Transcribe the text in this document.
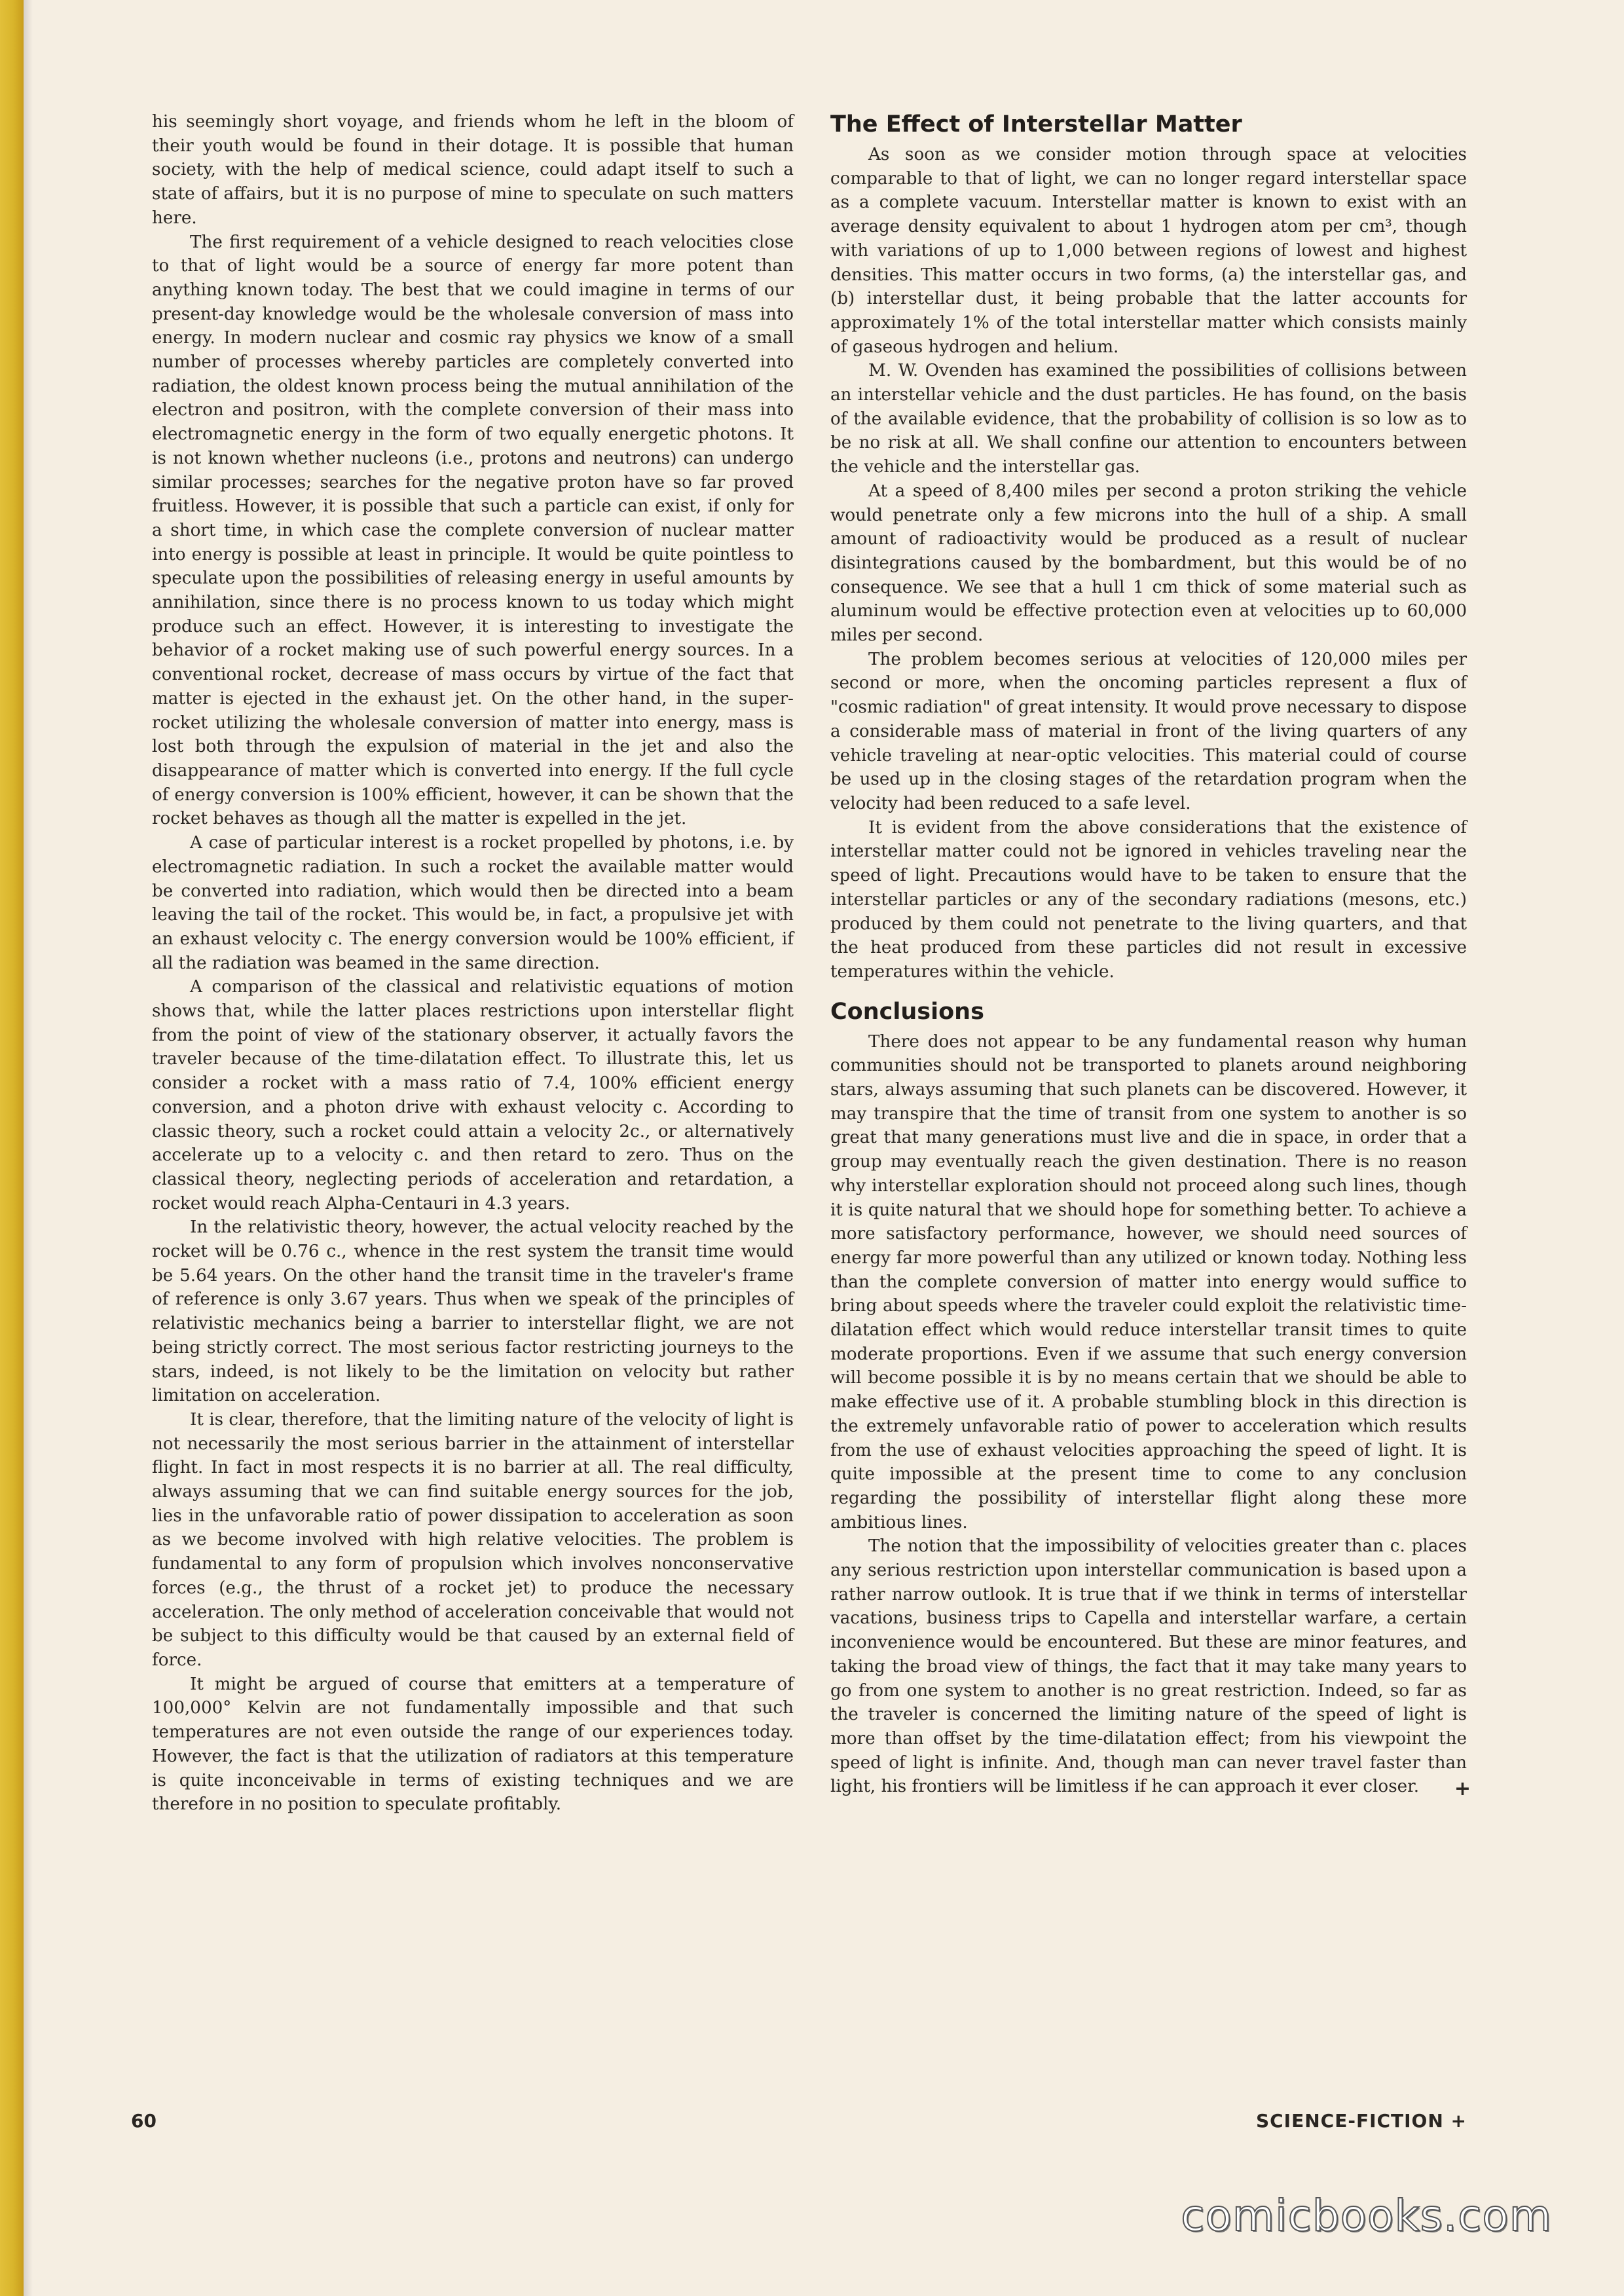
his seemingly short voyage, and friends whom he left in the bloom of their youth would be found in their dotage. It is possible that human society, with the help of medical science, could adapt itself to such a state of affairs, but it is no purpose of mine to speculate on such matters here.

The first requirement of a vehicle designed to reach velocities close to that of light would be a source of energy far more potent than anything known today. The best that we could imagine in terms of our present-day knowledge would be the wholesale conversion of mass into energy. In modern nuclear and cosmic ray physics we know of a small number of processes whereby particles are completely converted into radiation, the oldest known process being the mutual annihilation of the electron and positron, with the complete conversion of their mass into electromagnetic energy in the form of two equally energetic photons. It is not known whether nucleons (i.e., protons and neutrons) can undergo similar processes; searches for the negative proton have so far proved fruitless. However, it is possible that such a particle can exist, if only for a short time, in which case the complete conversion of nuclear matter into energy is possible at least in principle. It would be quite pointless to speculate upon the possibilities of releasing energy in useful amounts by annihilation, since there is no process known to us today which might produce such an effect. However, it is interesting to investigate the behavior of a rocket making use of such powerful energy sources. In a conventional rocket, decrease of mass occurs by virtue of the fact that matter is ejected in the exhaust jet. On the other hand, in the super-rocket utilizing the wholesale conversion of matter into energy, mass is lost both through the expulsion of material in the jet and also the disappearance of matter which is converted into energy. If the full cycle of energy conversion is 100% efficient, however, it can be shown that the rocket behaves as though all the matter is expelled in the jet.

A case of particular interest is a rocket propelled by photons, i.e. by electromagnetic radiation. In such a rocket the available matter would be converted into radiation, which would then be directed into a beam leaving the tail of the rocket. This would be, in fact, a propulsive jet with an exhaust velocity c. The energy conversion would be 100% efficient, if all the radiation was beamed in the same direction.

A comparison of the classical and relativistic equations of motion shows that, while the latter places restrictions upon interstellar flight from the point of view of the stationary observer, it actually favors the traveler because of the time-dilatation effect. To illustrate this, let us consider a rocket with a mass ratio of 7.4, 100% efficient energy conversion, and a photon drive with exhaust velocity c. According to classic theory, such a rocket could attain a velocity 2c., or alternatively accelerate up to a velocity c. and then retard to zero. Thus on the classical theory, neglecting periods of acceleration and retardation, a rocket would reach Alpha-Centauri in 4.3 years.

In the relativistic theory, however, the actual velocity reached by the rocket will be 0.76 c., whence in the rest system the transit time would be 5.64 years. On the other hand the transit time in the traveler's frame of reference is only 3.67 years. Thus when we speak of the principles of relativistic mechanics being a barrier to interstellar flight, we are not being strictly correct. The most serious factor restricting journeys to the stars, indeed, is not likely to be the limitation on velocity but rather limitation on acceleration.

It is clear, therefore, that the limiting nature of the velocity of light is not necessarily the most serious barrier in the attainment of interstellar flight. In fact in most respects it is no barrier at all. The real difficulty, always assuming that we can find suitable energy sources for the job, lies in the unfavorable ratio of power dissipation to acceleration as soon as we become involved with high relative velocities. The problem is fundamental to any form of propulsion which involves nonconservative forces (e.g., the thrust of a rocket jet) to produce the necessary acceleration. The only method of acceleration conceivable that would not be subject to this difficulty would be that caused by an external field of force.

It might be argued of course that emitters at a temperature of 100,000° Kelvin are not fundamentally impossible and that such temperatures are not even outside the range of our experiences today. However, the fact is that the utilization of radiators at this temperature is quite inconceivable in terms of existing techniques and we are therefore in no position to speculate profitably.

The Effect of Interstellar Matter

As soon as we consider motion through space at velocities comparable to that of light, we can no longer regard interstellar space as a complete vacuum. Interstellar matter is known to exist with an average density equivalent to about 1 hydrogen atom per cm³, though with variations of up to 1,000 between regions of lowest and highest densities. This matter occurs in two forms, (a) the interstellar gas, and (b) interstellar dust, it being probable that the latter accounts for approximately 1% of the total interstellar matter which consists mainly of gaseous hydrogen and helium.

M. W. Ovenden has examined the possibilities of collisions between an interstellar vehicle and the dust particles. He has found, on the basis of the available evidence, that the probability of collision is so low as to be no risk at all. We shall confine our attention to encounters between the vehicle and the interstellar gas.

At a speed of 8,400 miles per second a proton striking the vehicle would penetrate only a few microns into the hull of a ship. A small amount of radioactivity would be produced as a result of nuclear disintegrations caused by the bombardment, but this would be of no consequence. We see that a hull 1 cm thick of some material such as aluminum would be effective protection even at velocities up to 60,000 miles per second.

The problem becomes serious at velocities of 120,000 miles per second or more, when the oncoming particles represent a flux of "cosmic radiation" of great intensity. It would prove necessary to dispose a considerable mass of material in front of the living quarters of any vehicle traveling at near-optic velocities. This material could of course be used up in the closing stages of the retardation program when the velocity had been reduced to a safe level.

It is evident from the above considerations that the existence of interstellar matter could not be ignored in vehicles traveling near the speed of light. Precautions would have to be taken to ensure that the interstellar particles or any of the secondary radiations (mesons, etc.) produced by them could not penetrate to the living quarters, and that the heat produced from these particles did not result in excessive temperatures within the vehicle.

Conclusions

There does not appear to be any fundamental reason why human communities should not be transported to planets around neighboring stars, always assuming that such planets can be discovered. However, it may transpire that the time of transit from one system to another is so great that many generations must live and die in space, in order that a group may eventually reach the given destination. There is no reason why interstellar exploration should not proceed along such lines, though it is quite natural that we should hope for something better. To achieve a more satisfactory performance, however, we should need sources of energy far more powerful than any utilized or known today. Nothing less than the complete conversion of matter into energy would suffice to bring about speeds where the traveler could exploit the relativistic time-dilatation effect which would reduce interstellar transit times to quite moderate proportions. Even if we assume that such energy conversion will become possible it is by no means certain that we should be able to make effective use of it. A probable stumbling block in this direction is the extremely unfavorable ratio of power to acceleration which results from the use of exhaust velocities approaching the speed of light. It is quite impossible at the present time to come to any conclusion regarding the possibility of interstellar flight along these more ambitious lines.

The notion that the impossibility of velocities greater than c. places any serious restriction upon interstellar communication is based upon a rather narrow outlook. It is true that if we think in terms of interstellar vacations, business trips to Capella and interstellar warfare, a certain inconvenience would be encountered. But these are minor features, and taking the broad view of things, the fact that it may take many years to go from one system to another is no great restriction. Indeed, so far as the traveler is concerned the limiting nature of the speed of light is more than offset by the time-dilatation effect; from his viewpoint the speed of light is infinite. And, though man can never travel faster than light, his frontiers will be limitless if he can approach it ever closer.	+

60	SCIENCE-FICTION +
comicbooks.com
